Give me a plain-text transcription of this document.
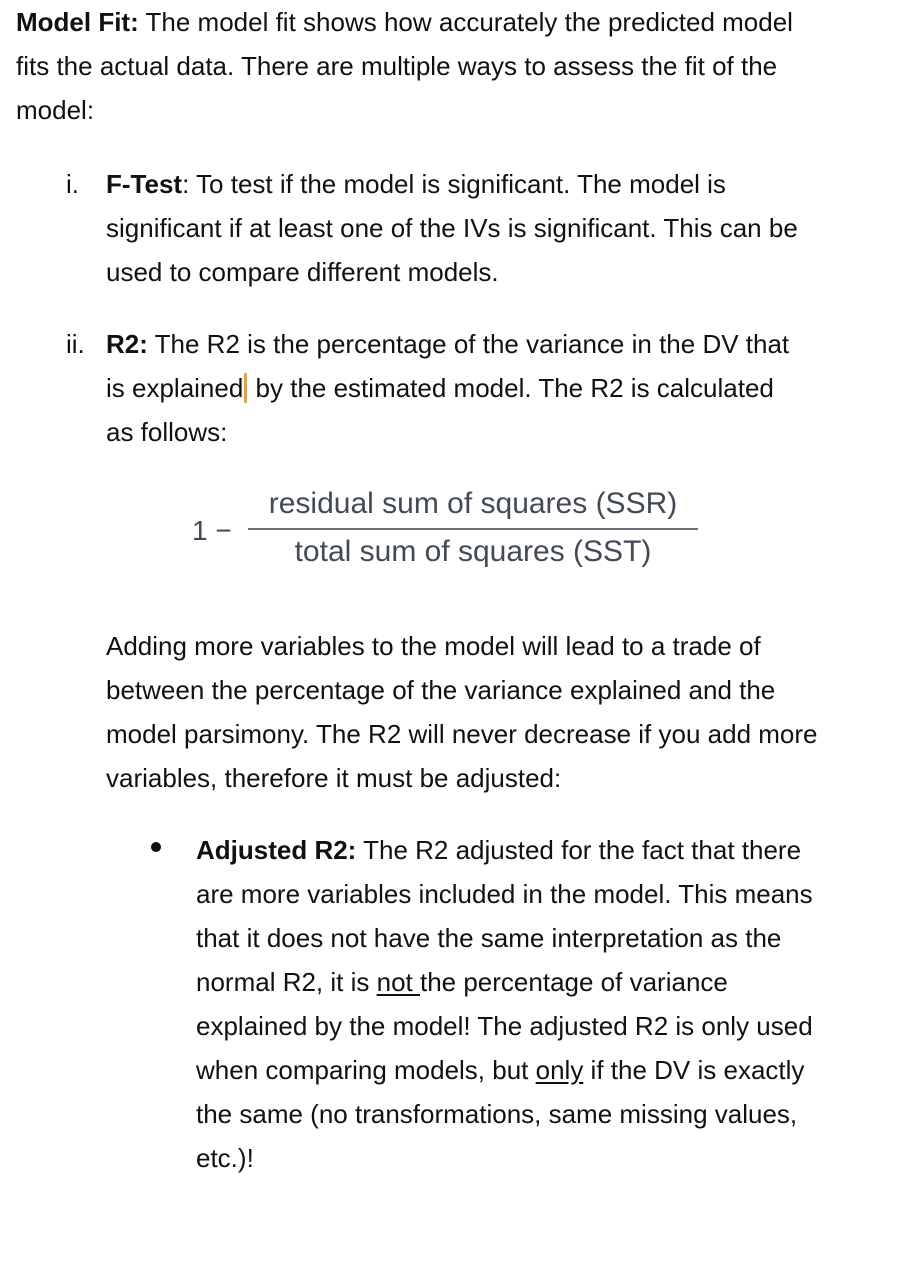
Model Fit: The model fit shows how accurately the predicted model fits the actual data. There are multiple ways to assess the fit of the model:

i. F-Test: To test if the model is significant. The model is significant if at least one of the IVs is significant. This can be used to compare different models.

ii. R2: The R2 is the percentage of the variance in the DV that is explained by the estimated model. The R2 is calculated as follows:

1 −
residual sum of squares (SSR)
total sum of squares (SST)

Adding more variables to the model will lead to a trade of between the percentage of the variance explained and the model parsimony. The R2 will never decrease if you add more variables, therefore it must be adjusted:

Adjusted R2: The R2 adjusted for the fact that there are more variables included in the model. This means that it does not have the same interpretation as the normal R2, it is not the percentage of variance explained by the model! The adjusted R2 is only used when comparing models, but only if the DV is exactly the same (no transformations, same missing values, etc.)!
